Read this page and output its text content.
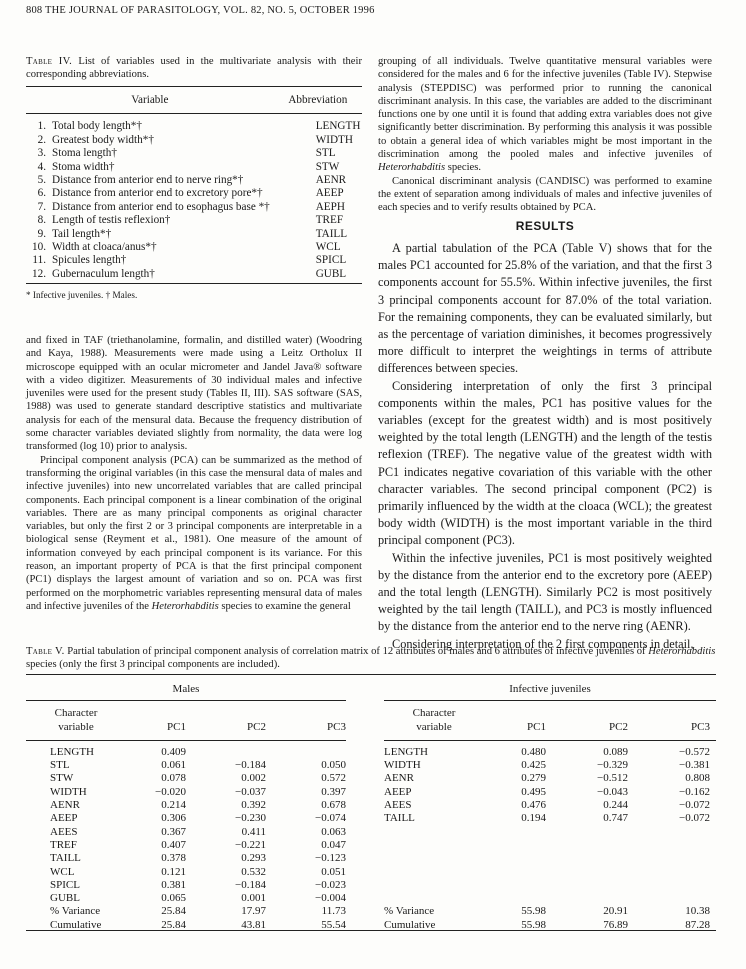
808 THE JOURNAL OF PARASITOLOGY, VOL. 82, NO. 5, OCTOBER 1996
Table IV. List of variables used in the multivariate analysis with their corresponding abbreviations.
Variable		Abbreviation
1.	Total body length*†	LENGTH
2.	Greatest body width*†	WIDTH
3.	Stoma length†	STL
4.	Stoma width†	STW
5.	Distance from anterior end to nerve ring*†	AENR
6.	Distance from anterior end to excretory pore*†	AEEP
7.	Distance from anterior end to esophagus base *†	AEPH
8.	Length of testis reflexion†	TREF
9.	Tail length*†	TAILL
10.	Width at cloaca/anus*†	WCL
11.	Spicules length†	SPICL
12.	Gubernaculum length†	GUBL
* Infective juveniles. † Males.

and fixed in TAF (triethanolamine, formalin, and distilled water) (Woodring and Kaya, 1988). Measurements were made using a Leitz Ortholux II microscope equipped with an ocular micrometer and Jandel Java® software with a video digitizer. Measurements of 30 individual males and infective juveniles were used for the present study (Tables II, III). SAS software (SAS, 1988) was used to generate standard descriptive statistics and multivariate analysis for each of the mensural data. Because the frequency distribution of some character variables deviated slightly from normality, the data were log transformed (log 10) prior to analysis.

Principal component analysis (PCA) can be summarized as the method of transforming the original variables (in this case the mensural data of males and infective juveniles) into new uncorrelated variables that are called principal components. Each principal component is a linear combination of the original variables. There are as many principal components as original character variables, but only the first 2 or 3 principal components are interpretable in a biological sense (Reyment et al., 1981). One measure of the amount of information conveyed by each principal component is its variance. For this reason, an important property of PCA is that the first principal component (PC1) displays the largest amount of variation and so on. PCA was first performed on the morphometric variables representing mensural data of males and infective juveniles of the Heterorhabditis species to examine the general

grouping of all individuals. Twelve quantitative mensural variables were considered for the males and 6 for the infective juveniles (Table IV). Stepwise analysis (STEPDISC) was performed prior to running the canonical discriminant analysis. In this case, the variables are added to the discriminant functions one by one until it is found that adding extra variables does not give significantly better discrimination. By performing this analysis it was possible to obtain a general idea of which variables might be most important in the discrimination among the pooled males and infective juveniles of Heterorhabditis species.

Canonical discriminant analysis (CANDISC) was performed to examine the extent of separation among individuals of males and infective juveniles of each species and to verify results obtained by PCA.

RESULTS

A partial tabulation of the PCA (Table V) shows that for the males PC1 accounted for 25.8% of the variation, and that the first 3 components account for 55.5%. Within infective juveniles, the first 3 principal components account for 87.0% of the total variation. For the remaining components, they can be evaluated similarly, but as the percentage of variation diminishes, it becomes progressively more difficult to interpret the weightings in terms of attribute differences between species.

Considering interpretation of only the first 3 principal components within the males, PC1 has positive values for the variables (except for the greatest width) and is most positively weighted by the total length (LENGTH) and the length of the testis reflexion (TREF). The negative value of the greatest width with PC1 indicates negative covariation of this variable with the other character variables. The second principal component (PC2) is primarily influenced by the width at the cloaca (WCL); the greatest body width (WIDTH) is the most important variable in the third principal component (PC3).

Within the infective juveniles, PC1 is most positively weighted by the distance from the anterior end to the excretory pore (AEEP) and the total length (LENGTH). Similarly PC2 is most positively weighted by the tail length (TAILL), and PC3 is mostly influenced by the distance from the anterior end to the nerve ring (AENR).

Considering interpretation of the 2 first components in detail,

Table V. Partial tabulation of principal component analysis of correlation matrix of 12 attributes of males and 6 attributes of infective juveniles of Heterorhabditis species (only the first 3 principal components are included).
Males					Infective juveniles			

Character
variable	PC1	PC2	PC3		Character
variable	PC1	PC2	PC3

LENGTH	0.409				LENGTH	0.480	0.089	−0.572
STL	0.061	−0.184	0.050		WIDTH	0.425	−0.329	−0.381
STW	0.078	0.002	0.572		AENR	0.279	−0.512	0.808
WIDTH	−0.020	−0.037	0.397		AEEP	0.495	−0.043	−0.162
AENR	0.214	0.392	0.678		AEES	0.476	0.244	−0.072
AEEP	0.306	−0.230	−0.074		TAILL	0.194	0.747	−0.072
AEES	0.367	0.411	0.063					
TREF	0.407	−0.221	0.047					
TAILL	0.378	0.293	−0.123					
WCL	0.121	0.532	0.051					
SPICL	0.381	−0.184	−0.023					
GUBL	0.065	0.001	−0.004					
% Variance	25.84	17.97	11.73		% Variance	55.98	20.91	10.38
Cumulative	25.84	43.81	55.54		Cumulative	55.98	76.89	87.28
